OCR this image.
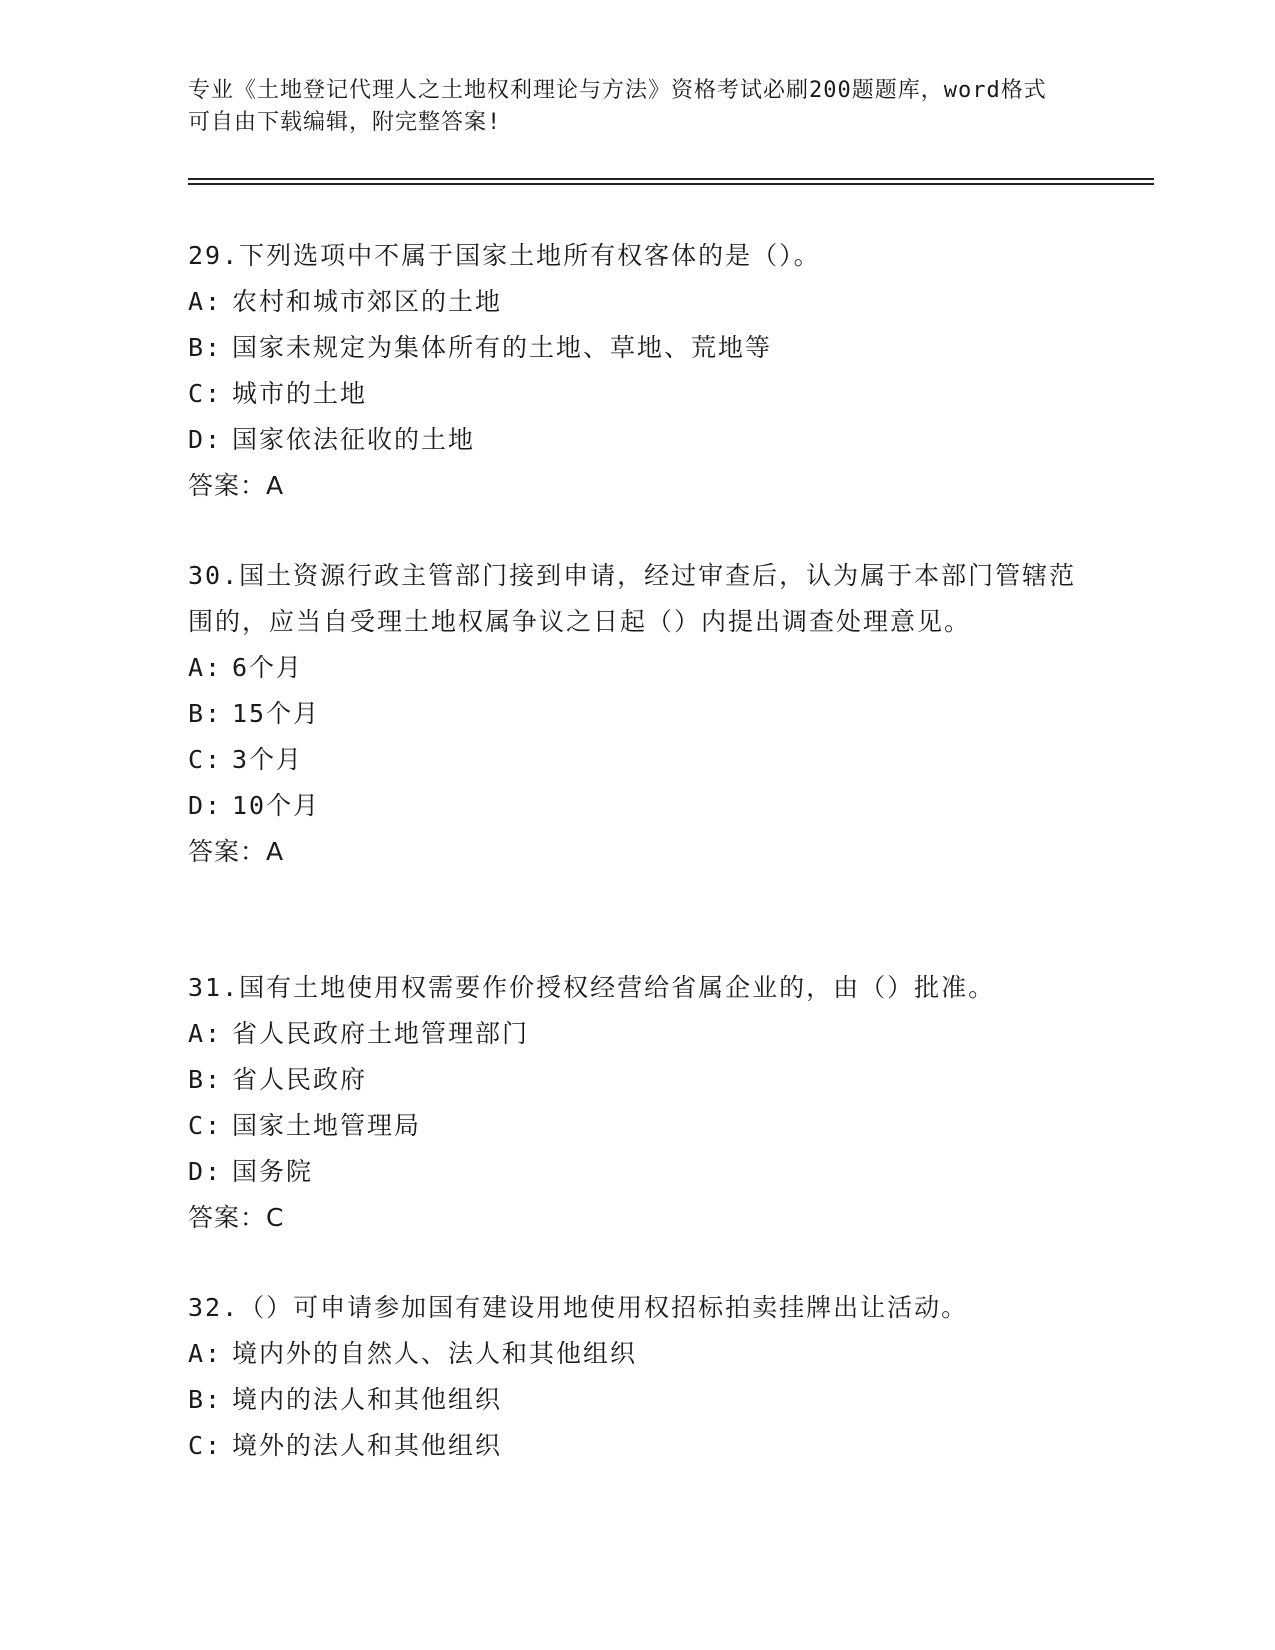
专业《土地登记代理人之土地权利理论与方法》资格考试必刷200题题库，word格式可自由下载编辑，附完整答案!

29.下列选项中不属于国家土地所有权客体的是（）。

A: 农村和城市郊区的土地

B: 国家未规定为集体所有的土地、草地、荒地等

C: 城市的土地

D: 国家依法征收的土地

答案：A

30.国土资源行政主管部门接到申请，经过审查后，认为属于本部门管辖范围的，应当自受理土地权属争议之日起（）内提出调查处理意见。

A: 6个月

B: 15个月

C: 3个月

D: 10个月

答案：A

31.国有土地使用权需要作价授权经营给省属企业的，由（）批准。

A: 省人民政府土地管理部门

B: 省人民政府

C: 国家土地管理局

D: 国务院

答案：C

32.（）可申请参加国有建设用地使用权招标拍卖挂牌出让活动。

A: 境内外的自然人、法人和其他组织

B: 境内的法人和其他组织

C: 境外的法人和其他组织
